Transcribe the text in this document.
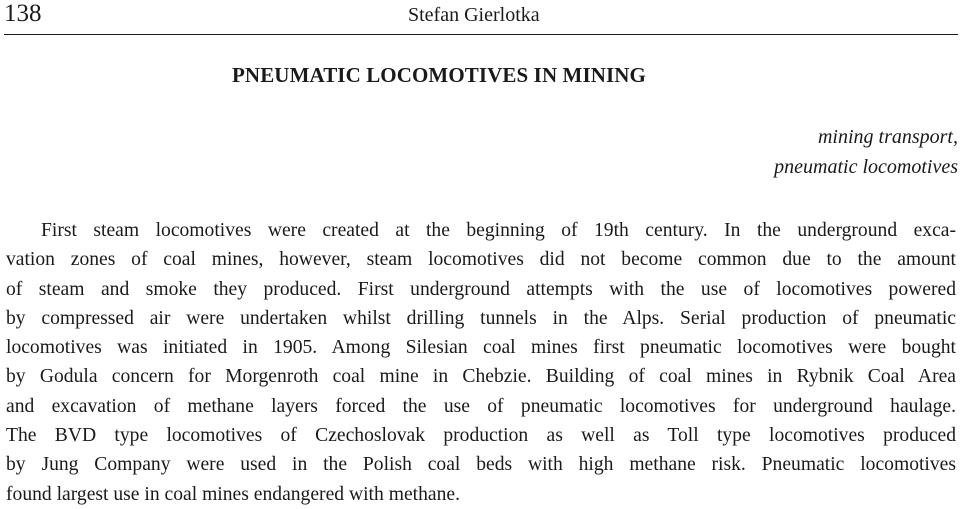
138	Stefan Gierlotka
PNEUMATIC LOCOMOTIVES IN MINING
mining transport,
pneumatic locomotives
First steam locomotives were created at the beginning of 19th century. In the underground exca-
vation zones of coal mines, however, steam locomotives did not become common due to the amount
of steam and smoke they produced. First underground attempts with the use of locomotives powered
by compressed air were undertaken whilst drilling tunnels in the Alps. Serial production of pneumatic
locomotives was initiated in 1905. Among Silesian coal mines first pneumatic locomotives were bought
by Godula concern for Morgenroth coal mine in Chebzie. Building of coal mines in Rybnik Coal Area
and excavation of methane layers forced the use of pneumatic locomotives for underground haulage.
The BVD type locomotives of Czechoslovak production as well as Toll type locomotives produced
by Jung Company were used in the Polish coal beds with high methane risk. Pneumatic locomotives
found largest use in coal mines endangered with methane.
